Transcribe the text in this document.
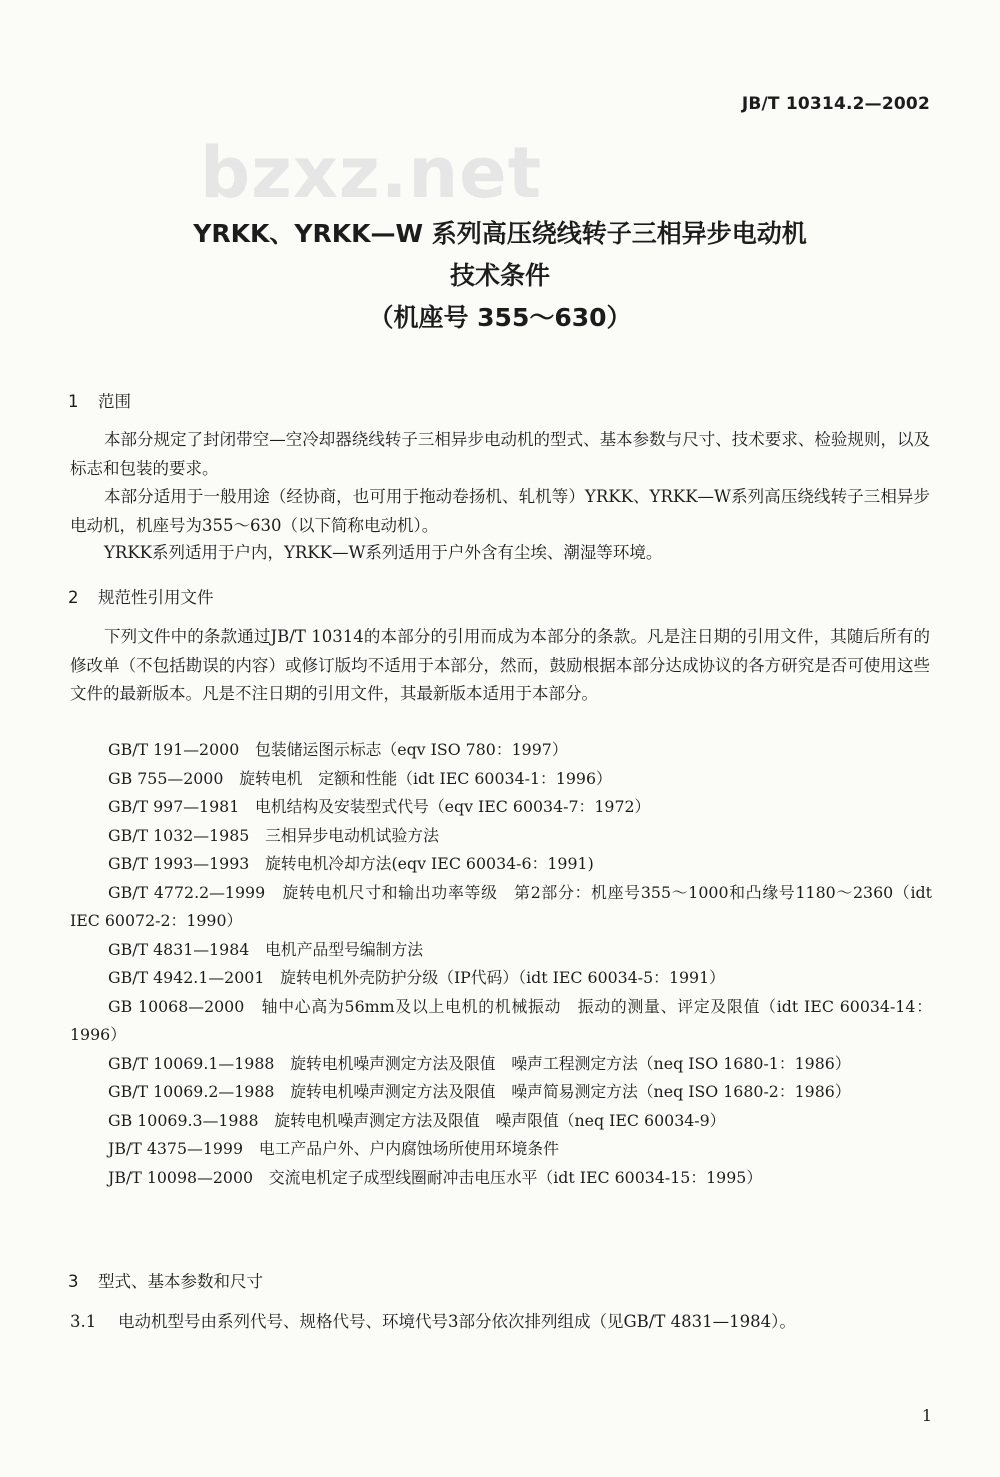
JB/T 10314.2—2002
bzxz.net
YRKK、YRKK—W 系列高压绕线转子三相异步电动机
技术条件
（机座号 355～630）
1 范围
本部分规定了封闭带空—空冷却器绕线转子三相异步电动机的型式、基本参数与尺寸、技术要求、检验规则，以及标志和包装的要求。
本部分适用于一般用途（经协商，也可用于拖动卷扬机、轧机等）YRKK、YRKK—W系列高压绕线转子三相异步电动机，机座号为355～630（以下简称电动机）。
YRKK系列适用于户内，YRKK—W系列适用于户外含有尘埃、潮湿等环境。
2 规范性引用文件
下列文件中的条款通过JB/T 10314的本部分的引用而成为本部分的条款。凡是注日期的引用文件，其随后所有的修改单（不包括勘误的内容）或修订版均不适用于本部分，然而，鼓励根据本部分达成协议的各方研究是否可使用这些文件的最新版本。凡是不注日期的引用文件，其最新版本适用于本部分。
GB/T 191—2000　包装储运图示标志（eqv ISO 780：1997）
GB 755—2000　旋转电机　定额和性能（idt IEC 60034-1：1996）
GB/T 997—1981　电机结构及安装型式代号（eqv IEC 60034-7：1972）
GB/T 1032—1985　三相异步电动机试验方法
GB/T 1993—1993　旋转电机冷却方法(eqv IEC 60034-6：1991)
GB/T 4772.2—1999　旋转电机尺寸和输出功率等级　第2部分：机座号355～1000和凸缘号1180～2360（idt IEC 60072-2：1990）
GB/T 4831—1984　电机产品型号编制方法
GB/T 4942.1—2001　旋转电机外壳防护分级（IP代码）（idt IEC 60034-5：1991）
GB 10068—2000　轴中心高为56mm及以上电机的机械振动　振动的测量、评定及限值（idt IEC 60034-14：1996）
GB/T 10069.1—1988　旋转电机噪声测定方法及限值　噪声工程测定方法（neq ISO 1680-1：1986）
GB/T 10069.2—1988　旋转电机噪声测定方法及限值　噪声简易测定方法（neq ISO 1680-2：1986）
GB 10069.3—1988　旋转电机噪声测定方法及限值　噪声限值（neq IEC 60034-9）
JB/T 4375—1999　电工产品户外、户内腐蚀场所使用环境条件
JB/T 10098—2000　交流电机定子成型线圈耐冲击电压水平（idt IEC 60034-15：1995）
3 型式、基本参数和尺寸
3.1 电动机型号由系列代号、规格代号、环境代号3部分依次排列组成（见GB/T 4831—1984）。
1
